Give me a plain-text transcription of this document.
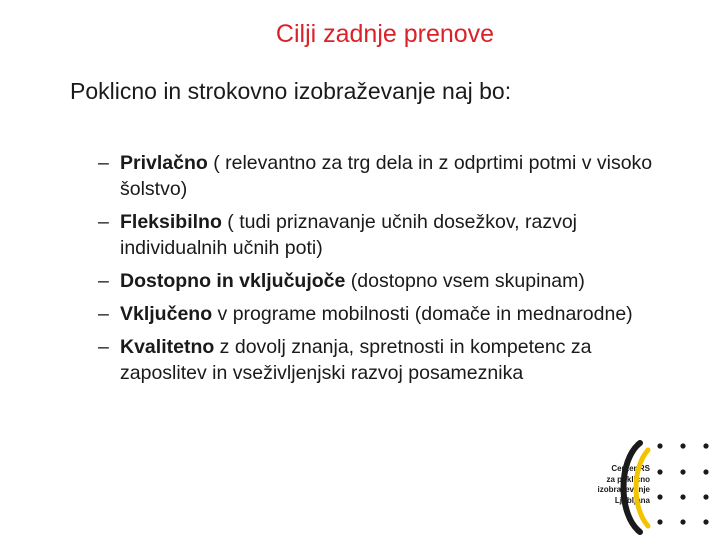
Cilji zadnje prenove
Poklicno in strokovno izobraževanje naj bo:
– Privlačno ( relevantno za trg dela in z odprtimi potmi v visoko šolstvo)
– Fleksibilno ( tudi priznavanje učnih dosežkov, razvoj individualnih učnih poti)
– Dostopno in vključujoče (dostopno vsem skupinam)
– Vključeno v programe mobilnosti (domače in mednarodne)
– Kvalitetno z dovolj znanja, spretnosti in kompetenc za zaposlitev in vseživljenjski razvoj posameznika
Center RS
za poklicno
izobraževanje
Ljubljana
